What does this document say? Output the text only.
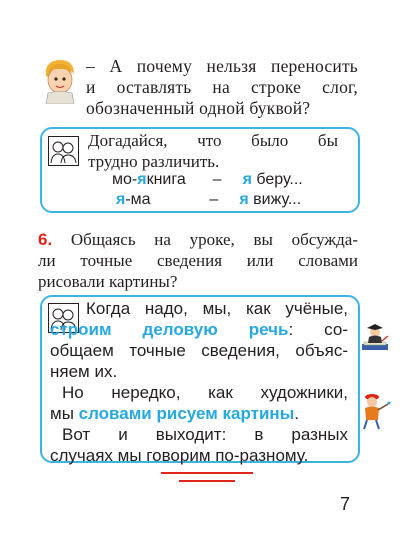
– А почему нельзя переносить
и оставлять на строке слог,
обозначенный одной буквой?
Догадайся, что было бы
трудно различить.
мо-якнига – я беру...
я-ма	– я вижу...
6. Общаясь на уроке, вы обсужда-
ли точные сведения или словами
рисовали картины?
Когда надо, мы, как учёные,
строим деловую речь: со-
общаем точные сведения, объяс-
няем их.
Но нередко, как художники,
мы словами рисуем картины.
Вот и выходит: в разных
случаях мы говорим по-разному.
7
